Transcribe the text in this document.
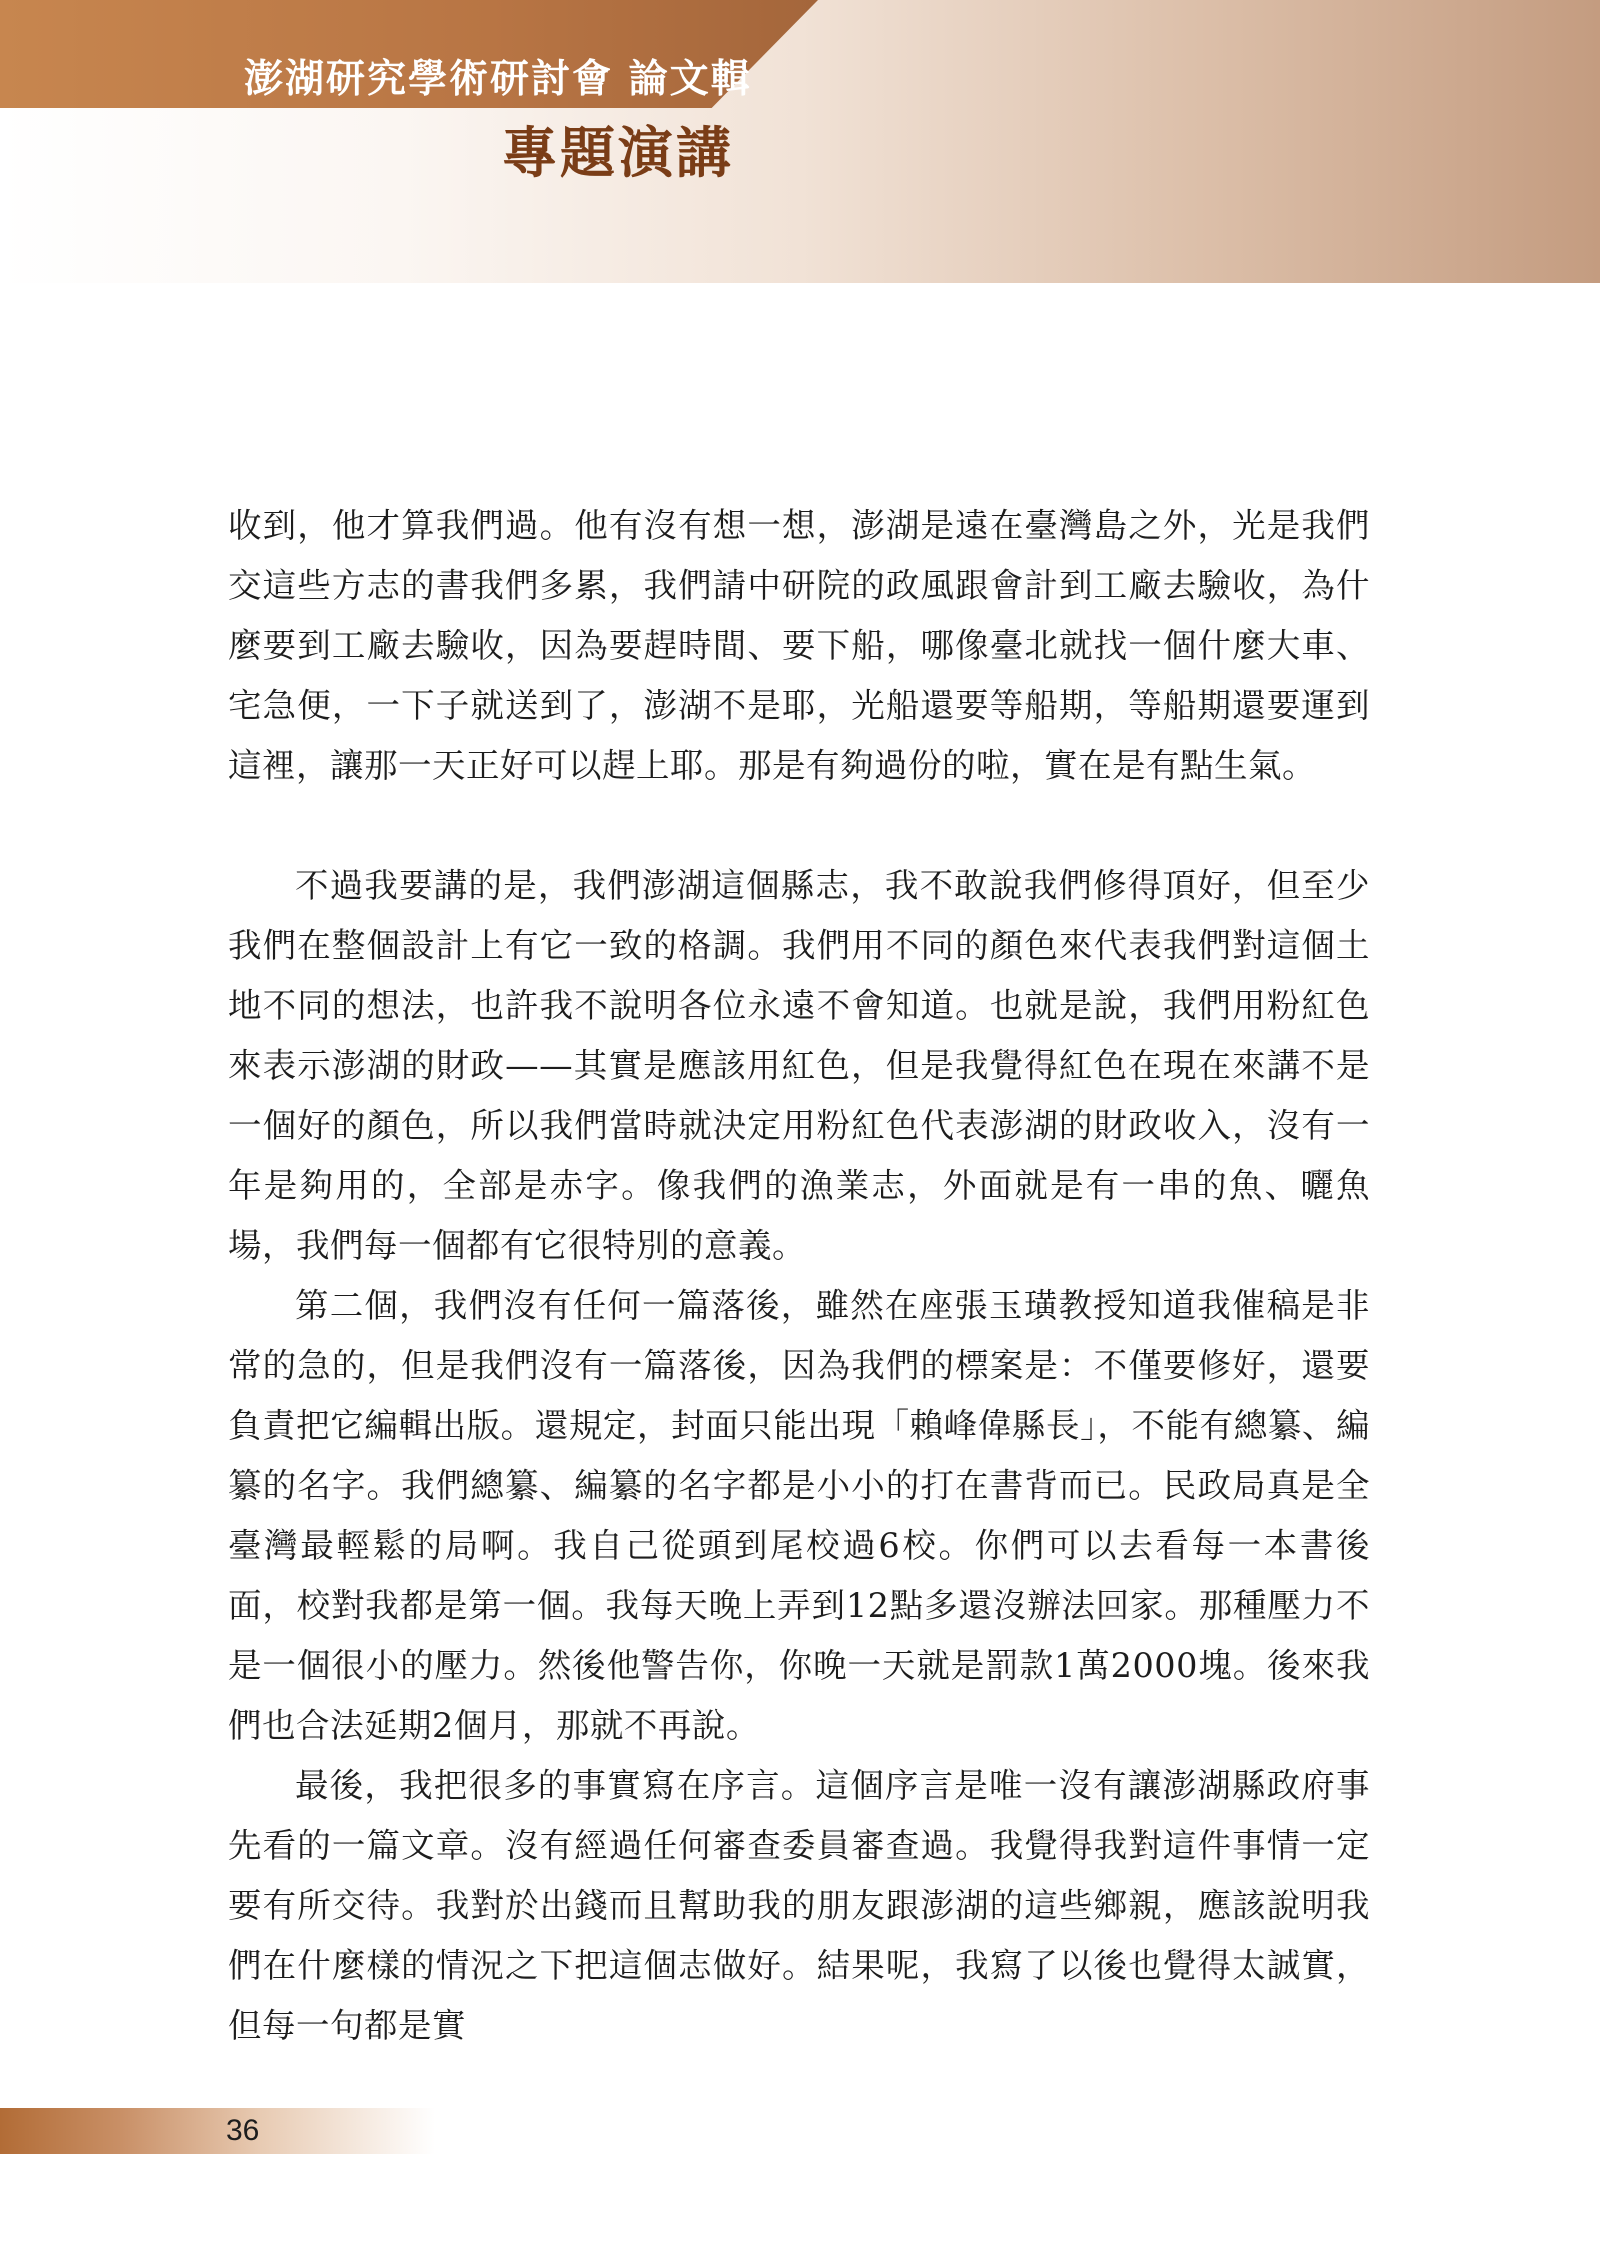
澎湖研究學術研討會 論文輯
專題演講

收到，他才算我們過。他有沒有想一想，澎湖是遠在臺灣島之外，光是我們交這些方志的書我們多累，我們請中研院的政風跟會計到工廠去驗收，為什麼要到工廠去驗收，因為要趕時間、要下船，哪像臺北就找一個什麼大車、宅急便，一下子就送到了，澎湖不是耶，光船還要等船期，等船期還要運到這裡，讓那一天正好可以趕上耶。那是有夠過份的啦，實在是有點生氣。

不過我要講的是，我們澎湖這個縣志，我不敢說我們修得頂好，但至少我們在整個設計上有它一致的格調。我們用不同的顏色來代表我們對這個土地不同的想法，也許我不說明各位永遠不會知道。也就是說，我們用粉紅色來表示澎湖的財政——其實是應該用紅色，但是我覺得紅色在現在來講不是一個好的顏色，所以我們當時就決定用粉紅色代表澎湖的財政收入，沒有一年是夠用的，全部是赤字。像我們的漁業志，外面就是有一串的魚、曬魚場，我們每一個都有它很特別的意義。

第二個，我們沒有任何一篇落後，雖然在座張玉璜教授知道我催稿是非常的急的，但是我們沒有一篇落後，因為我們的標案是：不僅要修好，還要負責把它編輯出版。還規定，封面只能出現「賴峰偉縣長」，不能有總纂、編纂的名字。我們總纂、編纂的名字都是小小的打在書背而已。民政局真是全臺灣最輕鬆的局啊。我自己從頭到尾校過6校。你們可以去看每一本書後面，校對我都是第一個。我每天晚上弄到12點多還沒辦法回家。那種壓力不是一個很小的壓力。然後他警告你，你晚一天就是罰款1萬2000塊。後來我們也合法延期2個月，那就不再說。

最後，我把很多的事實寫在序言。這個序言是唯一沒有讓澎湖縣政府事先看的一篇文章。沒有經過任何審查委員審查過。我覺得我對這件事情一定要有所交待。我對於出錢而且幫助我的朋友跟澎湖的這些鄉親，應該說明我們在什麼樣的情況之下把這個志做好。結果呢，我寫了以後也覺得太誠實，但每一句都是實

36
